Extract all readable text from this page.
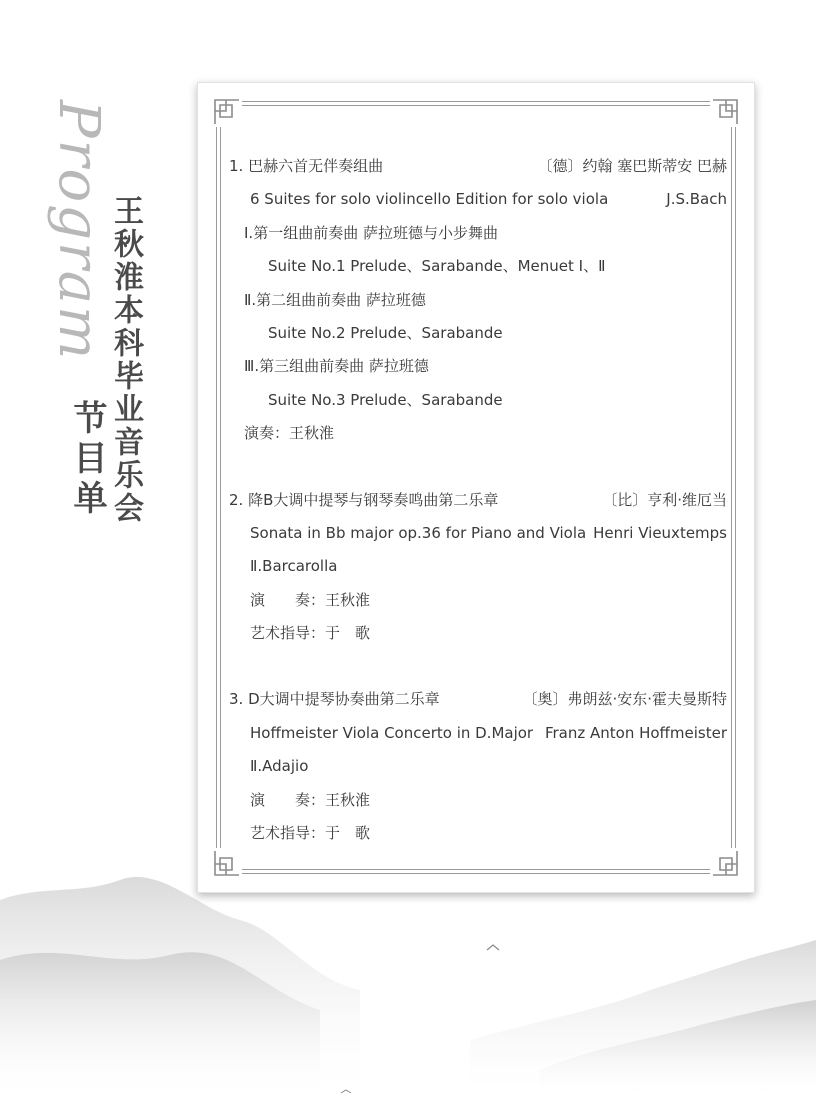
Program
王秋淮本科毕业音乐会
节目单
1. 巴赫六首无伴奏组曲	〔德〕约翰 塞巴斯蒂安 巴赫
6 Suites for solo violincello Edition for solo viola	J.S.Bach
Ⅰ.第一组曲前奏曲 萨拉班德与小步舞曲
Suite No.1 Prelude、Sarabande、Menuet Ⅰ、Ⅱ
Ⅱ.第二组曲前奏曲 萨拉班德
Suite No.2 Prelude、Sarabande
Ⅲ.第三组曲前奏曲 萨拉班德
Suite No.3 Prelude、Sarabande
演奏：王秋淮
2. 降B大调中提琴与钢琴奏鸣曲第二乐章	〔比〕亨利·维厄当
Sonata in Bb major op.36 for Piano and Viola Henri Vieuxtemps
Ⅱ.Barcarolla
演　　奏：王秋淮
艺术指导：于　歌
3. D大调中提琴协奏曲第二乐章	〔奥〕弗朗兹·安东·霍夫曼斯特
Hoffmeister Viola Concerto in D.Major Franz Anton Hoffmeister
Ⅱ.Adajio
演　　奏：王秋淮
艺术指导：于　歌
